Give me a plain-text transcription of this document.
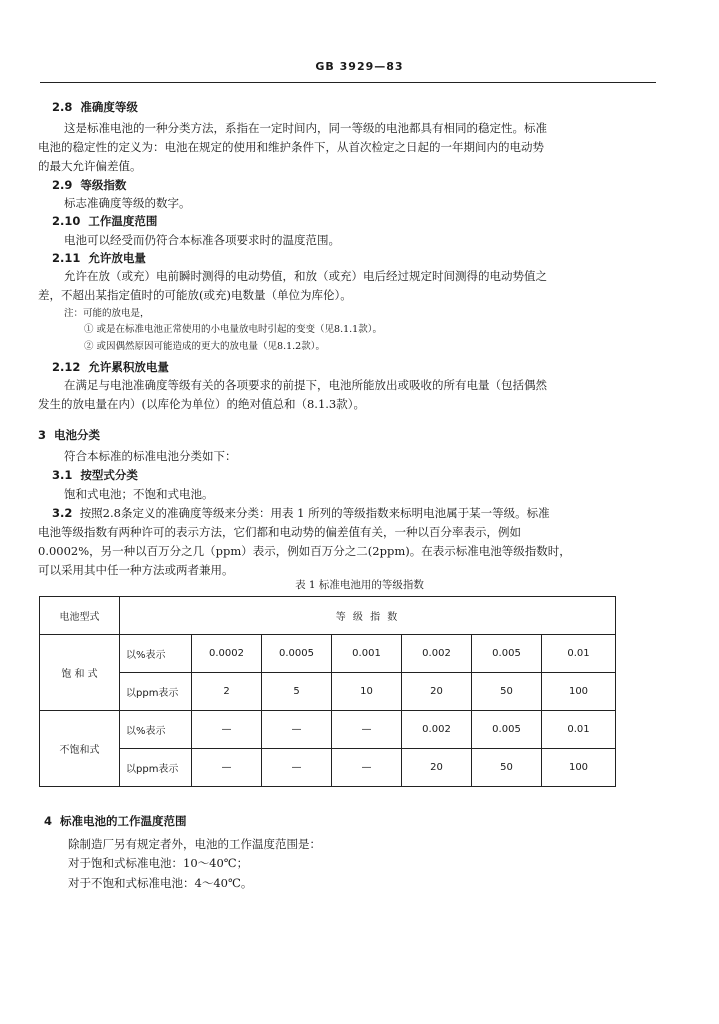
GB 3929—83
2.8 准确度等级
这是标准电池的一种分类方法，系指在一定时间内，同一等级的电池都具有相同的稳定性。标准
电池的稳定性的定义为：电池在规定的使用和维护条件下，从首次检定之日起的一年期间内的电动势
的最大允许偏差值。
2.9 等级指数
标志准确度等级的数字。
2.10 工作温度范围
电池可以经受而仍符合本标准各项要求时的温度范围。
2.11 允许放电量
允许在放（或充）电前瞬时测得的电动势值，和放（或充）电后经过规定时间测得的电动势值之
差，不超出某指定值时的可能放(或充)电数量（单位为库伦）。
注：可能的放电是，
① 或是在标准电池正常使用的小电量放电时引起的变变（见8.1.1款）。
② 或因偶然原因可能造成的更大的放电量（见8.1.2款）。
2.12 允许累积放电量
在满足与电池准确度等级有关的各项要求的前提下，电池所能放出或吸收的所有电量（包括偶然
发生的放电量在内）(以库伦为单位）的绝对值总和（8.1.3款）。
3 电池分类
符合本标准的标准电池分类如下：
3.1 按型式分类
饱和式电池；不饱和式电池。
3.2 按照2.8条定义的准确度等级来分类：用表 1 所列的等级指数来标明电池属于某一等级。标准
电池等级指数有两种许可的表示方法，它们都和电动势的偏差值有关，一种以百分率表示，例如
0.0002%，另一种以百万分之几（ppm）表示，例如百万分之二(2ppm)。在表示标准电池等级指数时，
可以采用其中任一种方法或两者兼用。
表 1 标准电池用的等级指数
电池型式	等 级 指 数						
饱 和 式	以%表示	0.0002	0.0005	0.001	0.002	0.005	0.01
	以ppm表示	2	5	10	20	50	100
不饱和式	以%表示	—	—	—	0.002	0.005	0.01
	以ppm表示	—	—	—	20	50	100
4 标准电池的工作温度范围
除制造厂另有规定者外，电池的工作温度范围是：
对于饱和式标准电池：10～40℃；
对于不饱和式标准电池：4～40℃。
